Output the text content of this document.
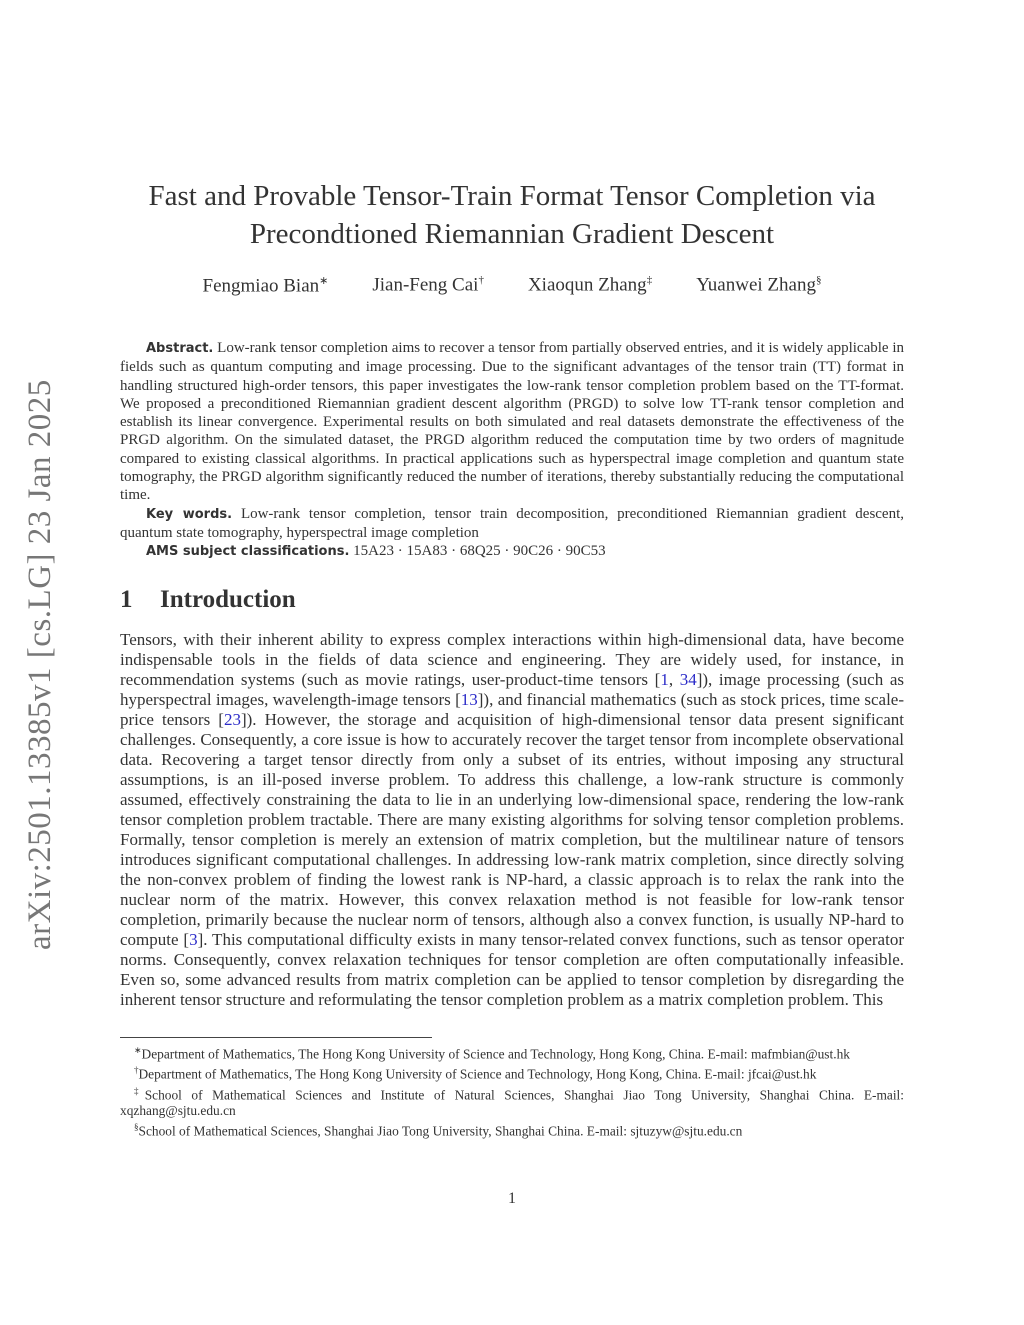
arXiv:2501.13385v1 [cs.LG] 23 Jan 2025
Fast and Provable Tensor-Train Format Tensor Completion via
Precondtioned Riemannian Gradient Descent
Fengmiao Bian∗ Jian-Feng Cai† Xiaoqun Zhang‡ Yuanwei Zhang§

Abstract. Low-rank tensor completion aims to recover a tensor from partially observed entries, and it is widely applicable in fields such as quantum computing and image processing. Due to the significant advantages of the tensor train (TT) format in handling structured high-order tensors, this paper investigates the low-rank tensor completion problem based on the TT-format. We proposed a preconditioned Riemannian gradient descent algorithm (PRGD) to solve low TT-rank tensor completion and establish its linear convergence. Experimental results on both simulated and real datasets demonstrate the effectiveness of the PRGD algorithm. On the simulated dataset, the PRGD algorithm reduced the computation time by two orders of magnitude compared to existing classical algorithms. In practical applications such as hyperspectral image completion and quantum state tomography, the PRGD algorithm significantly reduced the number of iterations, thereby substantially reducing the computational time.

Key words. Low-rank tensor completion, tensor train decomposition, preconditioned Riemannian gradient descent, quantum state tomography, hyperspectral image completion

AMS subject classifications. 15A23 · 15A83 · 68Q25 · 90C26 · 90C53

1 Introduction

Tensors, with their inherent ability to express complex interactions within high-dimensional data, have become indispensable tools in the fields of data science and engineering. They are widely used, for instance, in recommendation systems (such as movie ratings, user-product-time tensors [1, 34]), image processing (such as hyperspectral images, wavelength-image tensors [13]), and financial mathematics (such as stock prices, time scale-price tensors [23]). However, the storage and acquisition of high-dimensional tensor data present significant challenges. Consequently, a core issue is how to accurately recover the target tensor from incomplete observational data. Recovering a target tensor directly from only a subset of its entries, without imposing any structural assumptions, is an ill-posed inverse problem. To address this challenge, a low-rank structure is commonly assumed, effectively constraining the data to lie in an underlying low-dimensional space, rendering the low-rank tensor completion problem tractable. There are many existing algorithms for solving tensor completion problems. Formally, tensor completion is merely an extension of matrix completion, but the multilinear nature of tensors introduces significant computational challenges. In addressing low-rank matrix completion, since directly solving the non-convex problem of finding the lowest rank is NP-hard, a classic approach is to relax the rank into the nuclear norm of the matrix. However, this convex relaxation method is not feasible for low-rank tensor completion, primarily because the nuclear norm of tensors, although also a convex function, is usually NP-hard to compute [3]. This computational difficulty exists in many tensor-related convex functions, such as tensor operator norms. Consequently, convex relaxation techniques for tensor completion are often computationally infeasible. Even so, some advanced results from matrix completion can be applied to tensor completion by disregarding the inherent tensor structure and reformulating the tensor completion problem as a matrix completion problem. This

∗Department of Mathematics, The Hong Kong University of Science and Technology, Hong Kong, China. E-mail: mafmbian@ust.hk

†Department of Mathematics, The Hong Kong University of Science and Technology, Hong Kong, China. E-mail: jfcai@ust.hk

‡School of Mathematical Sciences and Institute of Natural Sciences, Shanghai Jiao Tong University, Shanghai China. E-mail: xqzhang@sjtu.edu.cn

§School of Mathematical Sciences, Shanghai Jiao Tong University, Shanghai China. E-mail: sjtuzyw@sjtu.edu.cn

1
